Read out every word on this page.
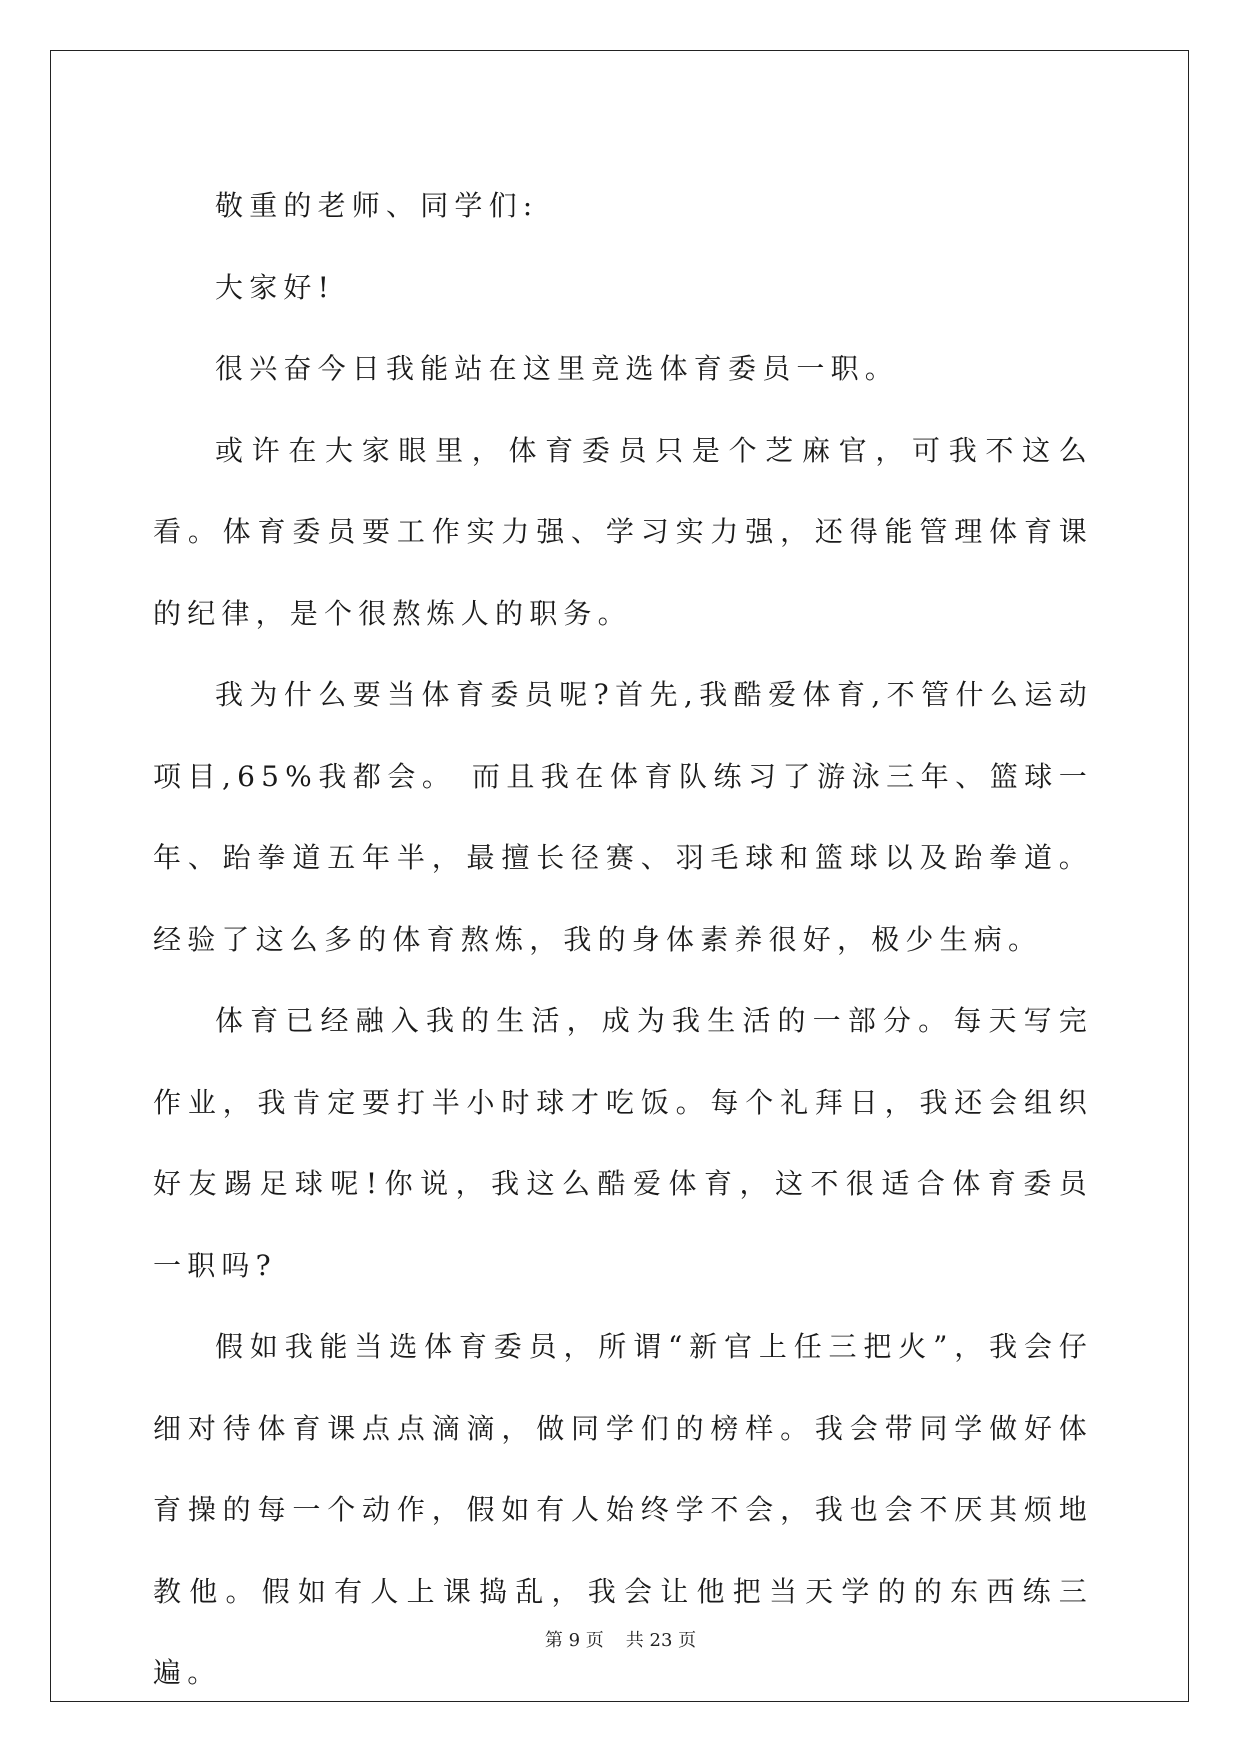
敬重的老师、同学们:

大家好!

很兴奋今日我能站在这里竞选体育委员一职。

或许在大家眼里，体育委员只是个芝麻官，可我不这么看。体育委员要工作实力强、学习实力强，还得能管理体育课的纪律，是个很熬炼人的职务。

我为什么要当体育委员呢?首先,我酷爱体育,不管什么运动项目,65%我都会。 而且我在体育队练习了游泳三年、篮球一年、跆拳道五年半，最擅长径赛、羽毛球和篮球以及跆拳道。经验了这么多的体育熬炼，我的身体素养很好，极少生病。

体育已经融入我的生活，成为我生活的一部分。每天写完作业，我肯定要打半小时球才吃饭。每个礼拜日，我还会组织好友踢足球呢!你说，我这么酷爱体育，这不很适合体育委员一职吗?

假如我能当选体育委员，所谓“新官上任三把火”，我会仔细对待体育课点点滴滴，做同学们的榜样。我会带同学做好体育操的每一个动作，假如有人始终学不会，我也会不厌其烦地教他。假如有人上课捣乱，我会让他把当天学的的东西练三遍。

第 9 页 共 23 页
